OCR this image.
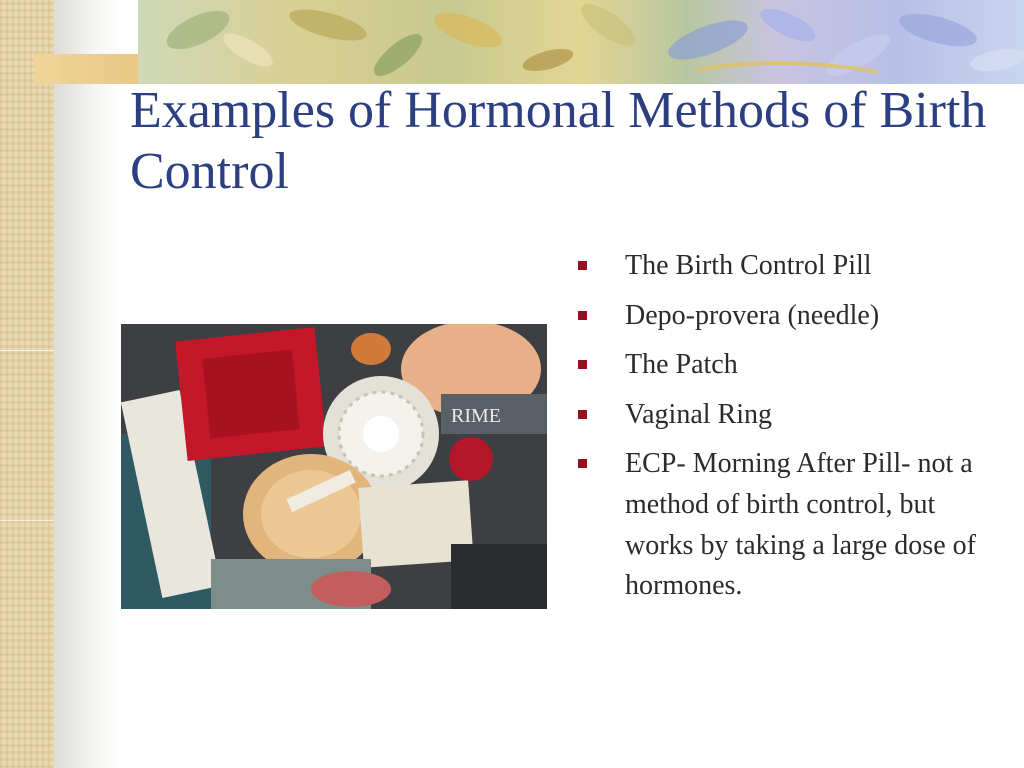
Examples of Hormonal Methods of Birth Control
RIME
The Birth Control Pill
Depo-provera (needle)
The Patch
Vaginal Ring
ECP- Morning After Pill- not a method of birth control, but works by taking a large dose of hormones.
